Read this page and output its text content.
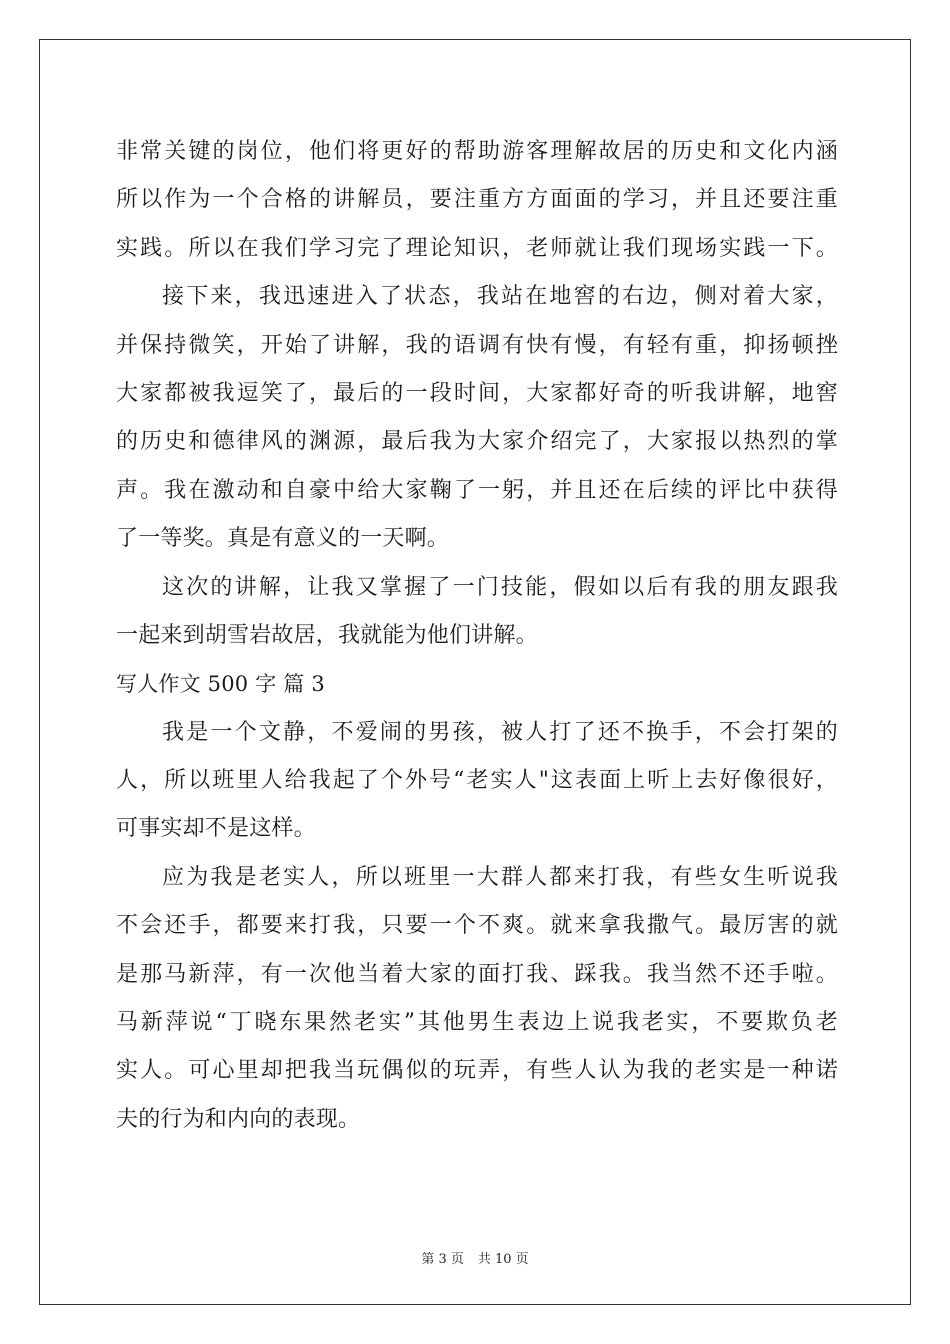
非常关键的岗位，他们将更好的帮助游客理解故居的历史和文化内涵
所以作为一个合格的讲解员，要注重方方面面的学习，并且还要注重
实践。所以在我们学习完了理论知识，老师就让我们现场实践一下。
接下来，我迅速进入了状态，我站在地窖的右边，侧对着大家，
并保持微笑，开始了讲解，我的语调有快有慢，有轻有重，抑扬顿挫
大家都被我逗笑了，最后的一段时间，大家都好奇的听我讲解，地窖
的历史和德律风的渊源，最后我为大家介绍完了，大家报以热烈的掌
声。我在激动和自豪中给大家鞠了一躬，并且还在后续的评比中获得
了一等奖。真是有意义的一天啊。
这次的讲解，让我又掌握了一门技能，假如以后有我的朋友跟我
一起来到胡雪岩故居，我就能为他们讲解。
写人作文 500 字 篇 3
我是一个文静，不爱闹的男孩，被人打了还不换手，不会打架的
人，所以班里人给我起了个外号“老实人"这表面上听上去好像很好，
可事实却不是这样。
应为我是老实人，所以班里一大群人都来打我，有些女生听说我
不会还手，都要来打我，只要一个不爽。就来拿我撒气。最厉害的就
是那马新萍，有一次他当着大家的面打我、踩我。我当然不还手啦。
马新萍说“丁晓东果然老实”其他男生表边上说我老实，不要欺负老
实人。可心里却把我当玩偶似的玩弄，有些人认为我的老实是一种诺
夫的行为和内向的表现。
第 3 页 共 10 页
